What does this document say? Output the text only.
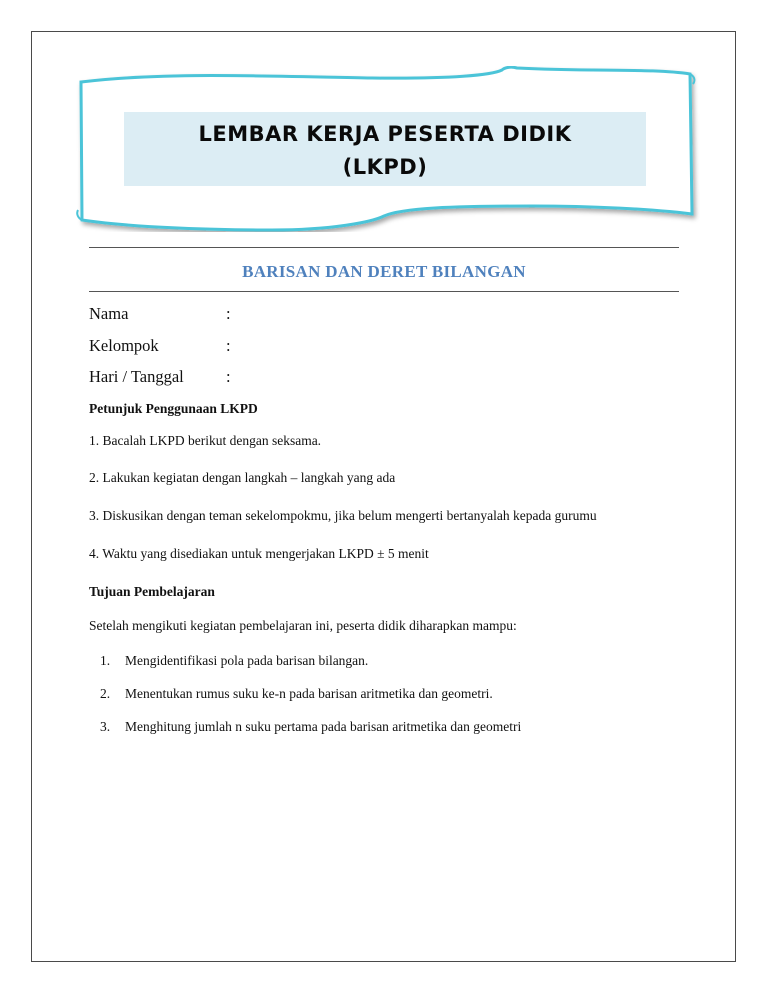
LEMBAR KERJA PESERTA DIDIK
(LKPD)
BARISAN DAN DERET BILANGAN
Nama	:
Kelompok	:
Hari / Tanggal	:
Petunjuk Penggunaan LKPD
1. Bacalah LKPD berikut dengan seksama.
2. Lakukan kegiatan dengan langkah – langkah yang ada
3. Diskusikan dengan teman sekelompokmu, jika belum mengerti bertanyalah kepada gurumu
4. Waktu yang disediakan untuk mengerjakan LKPD ± 5 menit
Tujuan Pembelajaran
Setelah mengikuti kegiatan pembelajaran ini, peserta didik diharapkan mampu:
1. Mengidentifikasi pola pada barisan bilangan.
2. Menentukan rumus suku ke-n pada barisan aritmetika dan geometri.
3. Menghitung jumlah n suku pertama pada barisan aritmetika dan geometri
